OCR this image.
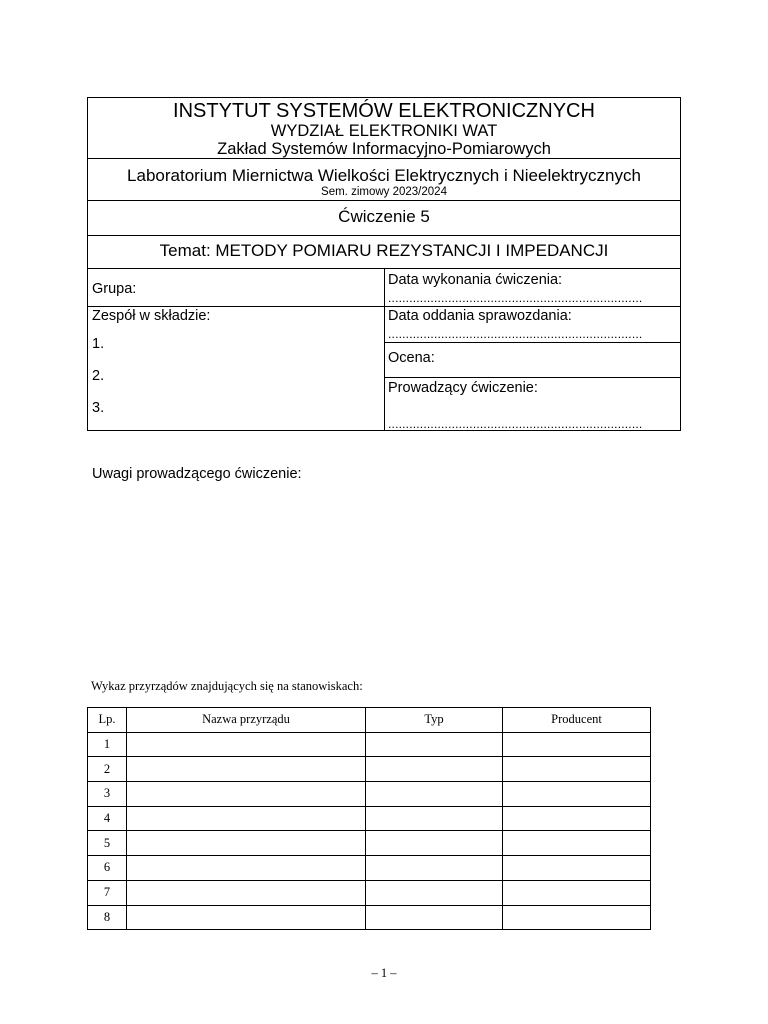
INSTYTUT SYSTEMÓW ELEKTRONICZNYCH
WYDZIAŁ ELEKTRONIKI WAT
Zakład Systemów Informacyjno-Pomiarowych
Laboratorium Miernictwa Wielkości Elektrycznych i Nieelektrycznych
Sem. zimowy 2023/2024
Ćwiczenie 5
Temat: METODY POMIARU REZYSTANCJI I IMPEDANCJI
Grupa:
Zespół w składzie:
1.
2.
3.
Data wykonania ćwiczenia:
........................................................................
Data oddania sprawozdania:
........................................................................
Ocena:
Prowadzący ćwiczenie:
........................................................................
Uwagi prowadzącego ćwiczenie:
Wykaz przyrządów znajdujących się na stanowiskach:
Lp.	Nazwa przyrządu	Typ	Producent
1			
2			
3			
4			
5			
6			
7			
8			
– 1 –
